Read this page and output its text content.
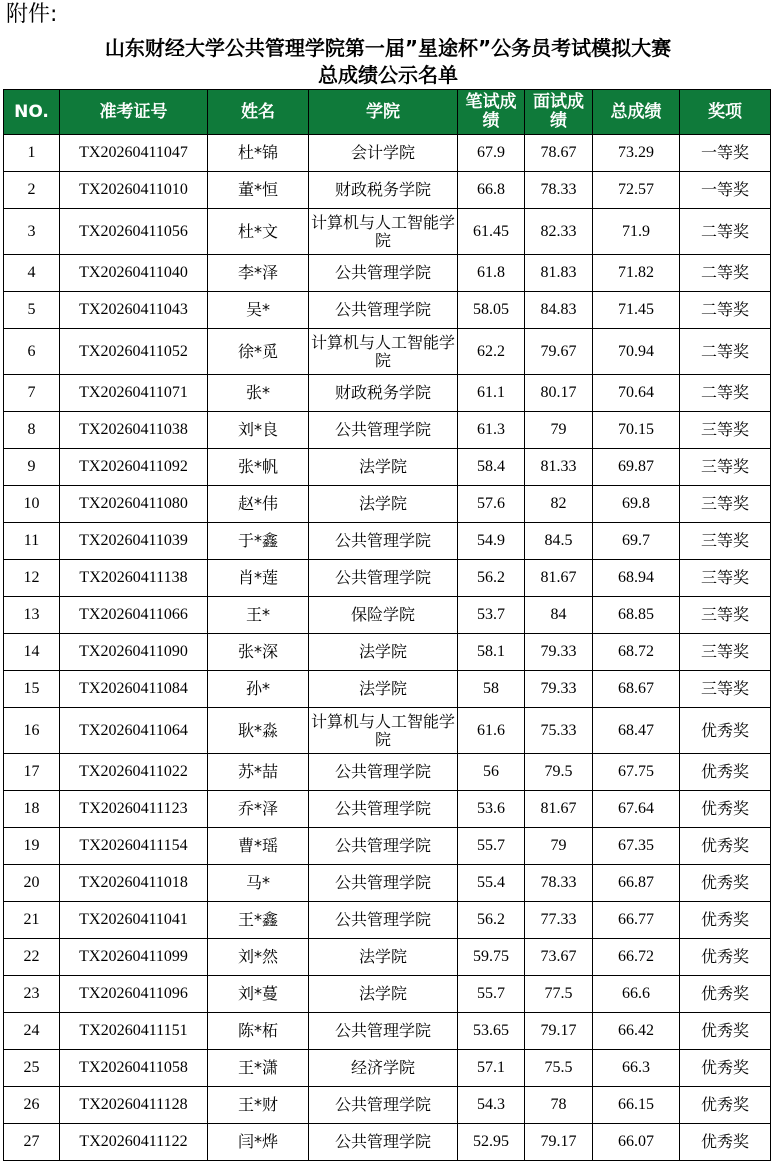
附件:
山东财经大学公共管理学院第一届”星途杯”公务员考试模拟大赛
总成绩公示名单
NO.	准考证号	姓名	学院	笔试成绩	面试成绩	总成绩	奖项
1	TX20260411047	杜*锦	会计学院	67.9	78.67	73.29	一等奖
2	TX20260411010	董*恒	财政税务学院	66.8	78.33	72.57	一等奖
3	TX20260411056	杜*文	计算机与人工智能学院	61.45	82.33	71.9	二等奖
4	TX20260411040	李*泽	公共管理学院	61.8	81.83	71.82	二等奖
5	TX20260411043	吴*	公共管理学院	58.05	84.83	71.45	二等奖
6	TX20260411052	徐*觅	计算机与人工智能学院	62.2	79.67	70.94	二等奖
7	TX20260411071	张*	财政税务学院	61.1	80.17	70.64	二等奖
8	TX20260411038	刘*良	公共管理学院	61.3	79	70.15	三等奖
9	TX20260411092	张*帆	法学院	58.4	81.33	69.87	三等奖
10	TX20260411080	赵*伟	法学院	57.6	82	69.8	三等奖
11	TX20260411039	于*鑫	公共管理学院	54.9	84.5	69.7	三等奖
12	TX20260411138	肖*莲	公共管理学院	56.2	81.67	68.94	三等奖
13	TX20260411066	王*	保险学院	53.7	84	68.85	三等奖
14	TX20260411090	张*深	法学院	58.1	79.33	68.72	三等奖
15	TX20260411084	孙*	法学院	58	79.33	68.67	三等奖
16	TX20260411064	耿*淼	计算机与人工智能学院	61.6	75.33	68.47	优秀奖
17	TX20260411022	苏*喆	公共管理学院	56	79.5	67.75	优秀奖
18	TX20260411123	乔*泽	公共管理学院	53.6	81.67	67.64	优秀奖
19	TX20260411154	曹*瑶	公共管理学院	55.7	79	67.35	优秀奖
20	TX20260411018	马*	公共管理学院	55.4	78.33	66.87	优秀奖
21	TX20260411041	王*鑫	公共管理学院	56.2	77.33	66.77	优秀奖
22	TX20260411099	刘*然	法学院	59.75	73.67	66.72	优秀奖
23	TX20260411096	刘*蔓	法学院	55.7	77.5	66.6	优秀奖
24	TX20260411151	陈*柘	公共管理学院	53.65	79.17	66.42	优秀奖
25	TX20260411058	王*潇	经济学院	57.1	75.5	66.3	优秀奖
26	TX20260411128	王*财	公共管理学院	54.3	78	66.15	优秀奖
27	TX20260411122	闫*烨	公共管理学院	52.95	79.17	66.07	优秀奖
